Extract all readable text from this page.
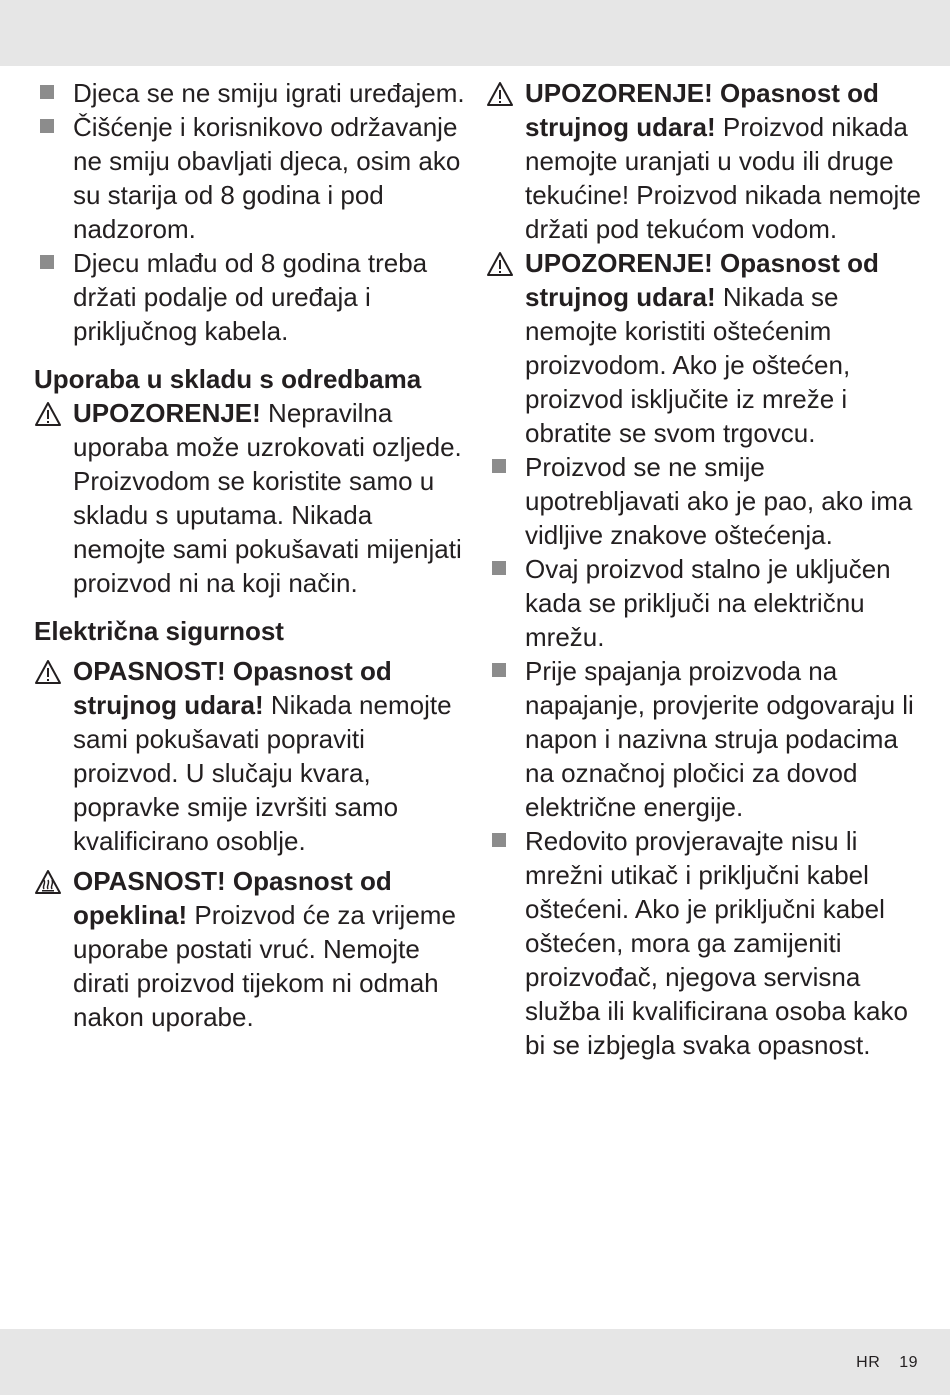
Djeca se ne smiju igrati uređajem.
Čišćenje i korisnikovo održavanje ne smiju obavljati djeca, osim ako su starija od 8 godina i pod nadzorom.
Djecu mlađu od 8 godina treba držati podalje od uređaja i priključnog kabela.
Uporaba u skladu s odredbama
UPOZORENJE! Nepravilna uporaba može uzrokovati ozljede. Proizvodom se koristite samo u skladu s uputama. Nikada nemojte sami pokušavati mijenjati proizvod ni na koji način.
Električna sigurnost
OPASNOST! Opasnost od strujnog udara! Nikada nemojte sami pokušavati popraviti proizvod. U slučaju kvara, popravke smije izvršiti samo kvalificirano osoblje.
OPASNOST! Opasnost od opeklina! Proizvod će za vrijeme uporabe postati vruć. Nemojte dirati proizvod tijekom ni odmah nakon uporabe.
UPOZORENJE! Opasnost od strujnog udara! Proizvod nikada nemojte uranjati u vodu ili druge tekućine! Proizvod nikada nemojte držati pod tekućom vodom.
UPOZORENJE! Opasnost od strujnog udara! Nikada se nemojte koristiti oštećenim proizvodom. Ako je oštećen, proizvod isključite iz mreže i obratite se svom trgovcu.
Proizvod se ne smije upotrebljavati ako je pao, ako ima vidljive znakove oštećenja.
Ovaj proizvod stalno je uključen kada se priključi na električnu mrežu.
Prije spajanja proizvoda na napajanje, provjerite odgovaraju li napon i nazivna struja podacima na označnoj pločici za dovod električne energije.
Redovito provjeravajte nisu li mrežni utikač i priključni kabel oštećeni. Ako je priključni kabel oštećen, mora ga zamijeniti proizvođač, njegova servisna služba ili kvalificirana osoba kako bi se izbjegla svaka opasnost.
HR 19
